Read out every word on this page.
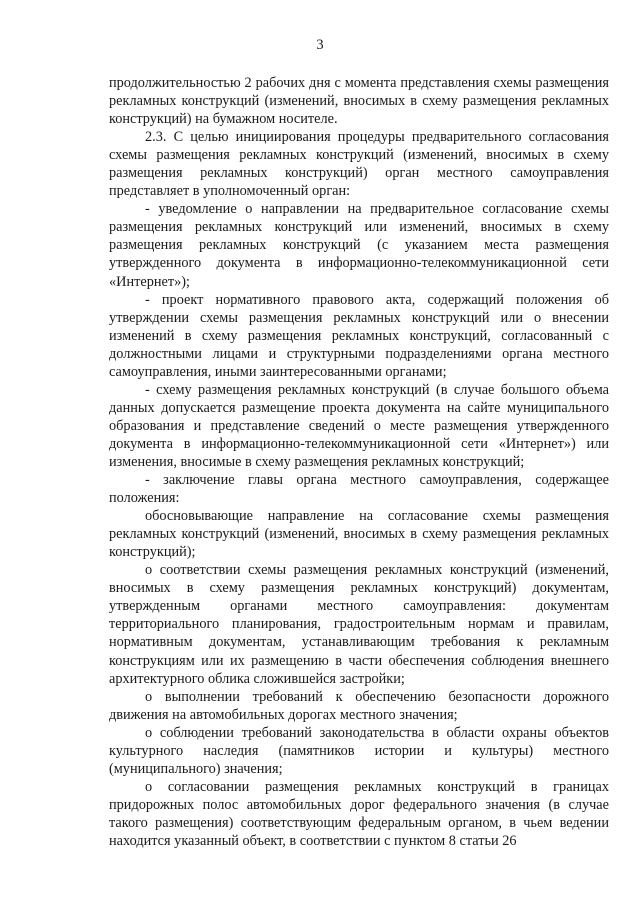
3

продолжительностью 2 рабочих дня с момента представления схемы размещения рекламных конструкций (изменений, вносимых в схему размещения рекламных конструкций) на бумажном носителе.

2.3. С целью инициирования процедуры предварительного согласования схемы размещения рекламных конструкций (изменений, вносимых в схему размещения рекламных конструкций) орган местного самоуправления представляет в уполномоченный орган:

- уведомление о направлении на предварительное согласование схемы размещения рекламных конструкций или изменений, вносимых в схему размещения рекламных конструкций (с указанием места размещения утвержденного документа в информационно-телекоммуникационной сети «Интернет»);

- проект нормативного правового акта, содержащий положения об утверждении схемы размещения рекламных конструкций или о внесении изменений в схему размещения рекламных конструкций, согласованный с должностными лицами и структурными подразделениями органа местного самоуправления, иными заинтересованными органами;

- схему размещения рекламных конструкций (в случае большого объема данных допускается размещение проекта документа на сайте муниципального образования и представление сведений о месте размещения утвержденного документа в информационно-телекоммуникационной сети «Интернет») или изменения, вносимые в схему размещения рекламных конструкций;

- заключение главы органа местного самоуправления, содержащее положения:

обосновывающие направление на согласование схемы размещения рекламных конструкций (изменений, вносимых в схему размещения рекламных конструкций);

о соответствии схемы размещения рекламных конструкций (изменений, вносимых в схему размещения рекламных конструкций) документам, утвержденным органами местного самоуправления: документам территориального планирования, градостроительным нормам и правилам, нормативным документам, устанавливающим требования к рекламным конструкциям или их размещению в части обеспечения соблюдения внешнего архитектурного облика сложившейся застройки;

о выполнении требований к обеспечению безопасности дорожного движения на автомобильных дорогах местного значения;

о соблюдении требований законодательства в области охраны объектов культурного наследия (памятников истории и культуры) местного (муниципального) значения;

о согласовании размещения рекламных конструкций в границах придорожных полос автомобильных дорог федерального значения (в случае такого размещения) соответствующим федеральным органом, в чьем ведении находится указанный объект, в соответствии с пунктом 8 статьи 26
